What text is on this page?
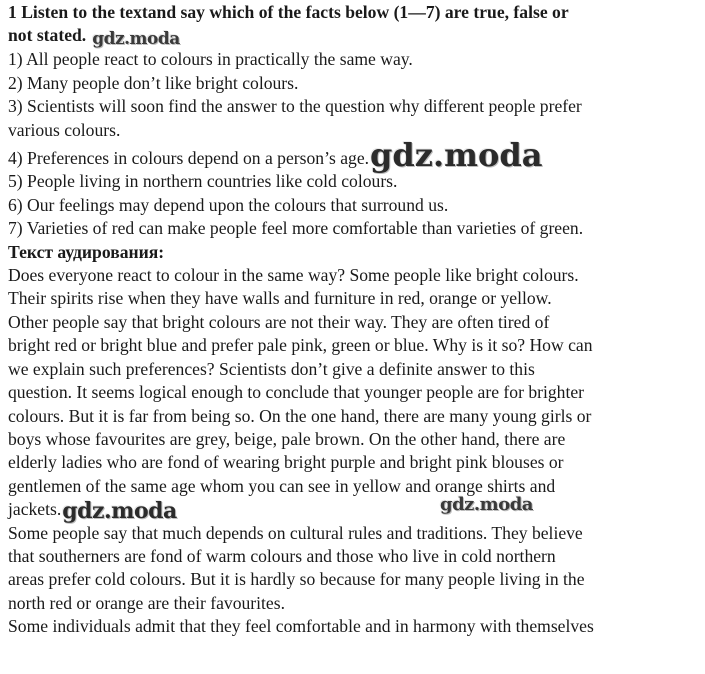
1 Listen to the textand say which of the facts below (1—7) are true, false or
not stated. gdz.moda
1) All people react to colours in practically the same way.
2) Many people don’t like bright colours.
3) Scientists will soon find the answer to the question why different people prefer
various colours.
4) Preferences in colours depend on a person’s age.gdz.moda
5) People living in northern countries like cold colours.
6) Our feelings may depend upon the colours that surround us.
7) Varieties of red can make people feel more comfortable than varieties of green.
Текст аудирования:
Does everyone react to colour in the same way? Some people like bright colours.
Their spirits rise when they have walls and furniture in red, orange or yellow.
Other people say that bright colours are not their way. They are often tired of
bright red or bright blue and prefer pale pink, green or blue. Why is it so? How can
we explain such preferences? Scientists don’t give a definite answer to this
question. It seems logical enough to conclude that younger people are for brighter
colours. But it is far from being so. On the one hand, there are many young girls or
boys whose favourites are grey, beige, pale brown. On the other hand, there are
elderly ladies who are fond of wearing bright purple and bright pink blouses or
gentlemen of the same age whom you can see in yellow and orange shirts and
jackets.gdz.moda	gdz.moda
Some people say that much depends on cultural rules and traditions. They believe
that southerners are fond of warm colours and those who live in cold northern
areas prefer cold colours. But it is hardly so because for many people living in the
north red or orange are their favourites.
Some individuals admit that they feel comfortable and in harmony with themselves
